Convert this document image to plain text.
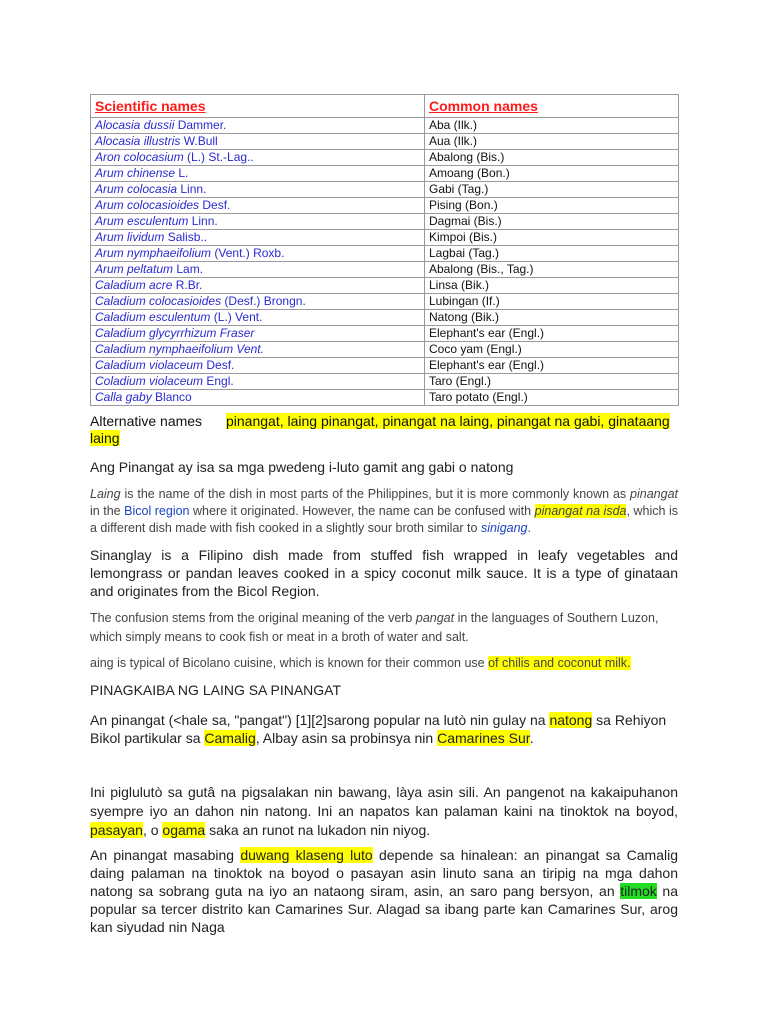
Scientific names	Common names
Alocasia dussii Dammer.	Aba (Ilk.)
Alocasia illustris W.Bull	Aua (Ilk.)
Aron colocasium (L.) St.-Lag..	Abalong (Bis.)
Arum chinense L.	Amoang (Bon.)
Arum colocasia Linn.	Gabi (Tag.)
Arum colocasioides Desf.	Pising (Bon.)
Arum esculentum Linn.	Dagmai (Bis.)
Arum lividum Salisb..	Kimpoi (Bis.)
Arum nymphaeifolium (Vent.) Roxb.	Lagbai (Tag.)
Arum peltatum Lam.	Abalong (Bis., Tag.)
Caladium acre R.Br.	Linsa (Bik.)
Caladium colocasioides (Desf.) Brongn.	Lubingan (If.)
Caladium esculentum (L.) Vent.	Natong (Bik.)
Caladium glycyrrhizum Fraser	Elephant's ear (Engl.)
Caladium nymphaeifolium Vent.	Coco yam (Engl.)
Caladium violaceum Desf.	Elephant's ear (Engl.)
Coladium violaceum Engl.	Taro (Engl.)
Calla gaby Blanco	Taro potato (Engl.)

Alternative names pinangat, laing pinangat, pinangat na laing, pinangat na gabi, ginataang laing

Ang Pinangat ay isa sa mga pwedeng i-luto gamit ang gabi o natong

Laing is the name of the dish in most parts of the Philippines, but it is more commonly known as pinangat in the Bicol region where it originated. However, the name can be confused with pinangat na isda, which is a different dish made with fish cooked in a slightly sour broth similar to sinigang.

Sinanglay is a Filipino dish made from stuffed fish wrapped in leafy vegetables and lemongrass or pandan leaves cooked in a spicy coconut milk sauce. It is a type of ginataan and originates from the Bicol Region.

The confusion stems from the original meaning of the verb pangat in the languages of Southern Luzon, which simply means to cook fish or meat in a broth of water and salt.

aing is typical of Bicolano cuisine, which is known for their common use of chilis and coconut milk.

PINAGKAIBA NG LAING SA PINANGAT

An pinangat (<hale sa, "pangat") [1][2]sarong popular na lutò nin gulay na natong sa Rehiyon Bikol partikular sa Camalig, Albay asin sa probinsya nin Camarines Sur.

Ini piglulutò sa gutâ na pigsalakan nin bawang, làya asin sili. An pangenot na kakaipuhanon syempre iyo an dahon nin natong. Ini an napatos kan palaman kaini na tinoktok na boyod, pasayan, o ogama saka an runot na lukadon nin niyog.

An pinangat masabing duwang klaseng luto depende sa hinalean: an pinangat sa Camalig daing palaman na tinoktok na boyod o pasayan asin linuto sana an tiripig na mga dahon natong sa sobrang guta na iyo an nataong siram, asin, an saro pang bersyon, an tilmok na popular sa tercer distrito kan Camarines Sur. Alagad sa ibang parte kan Camarines Sur, arog kan siyudad nin Naga
